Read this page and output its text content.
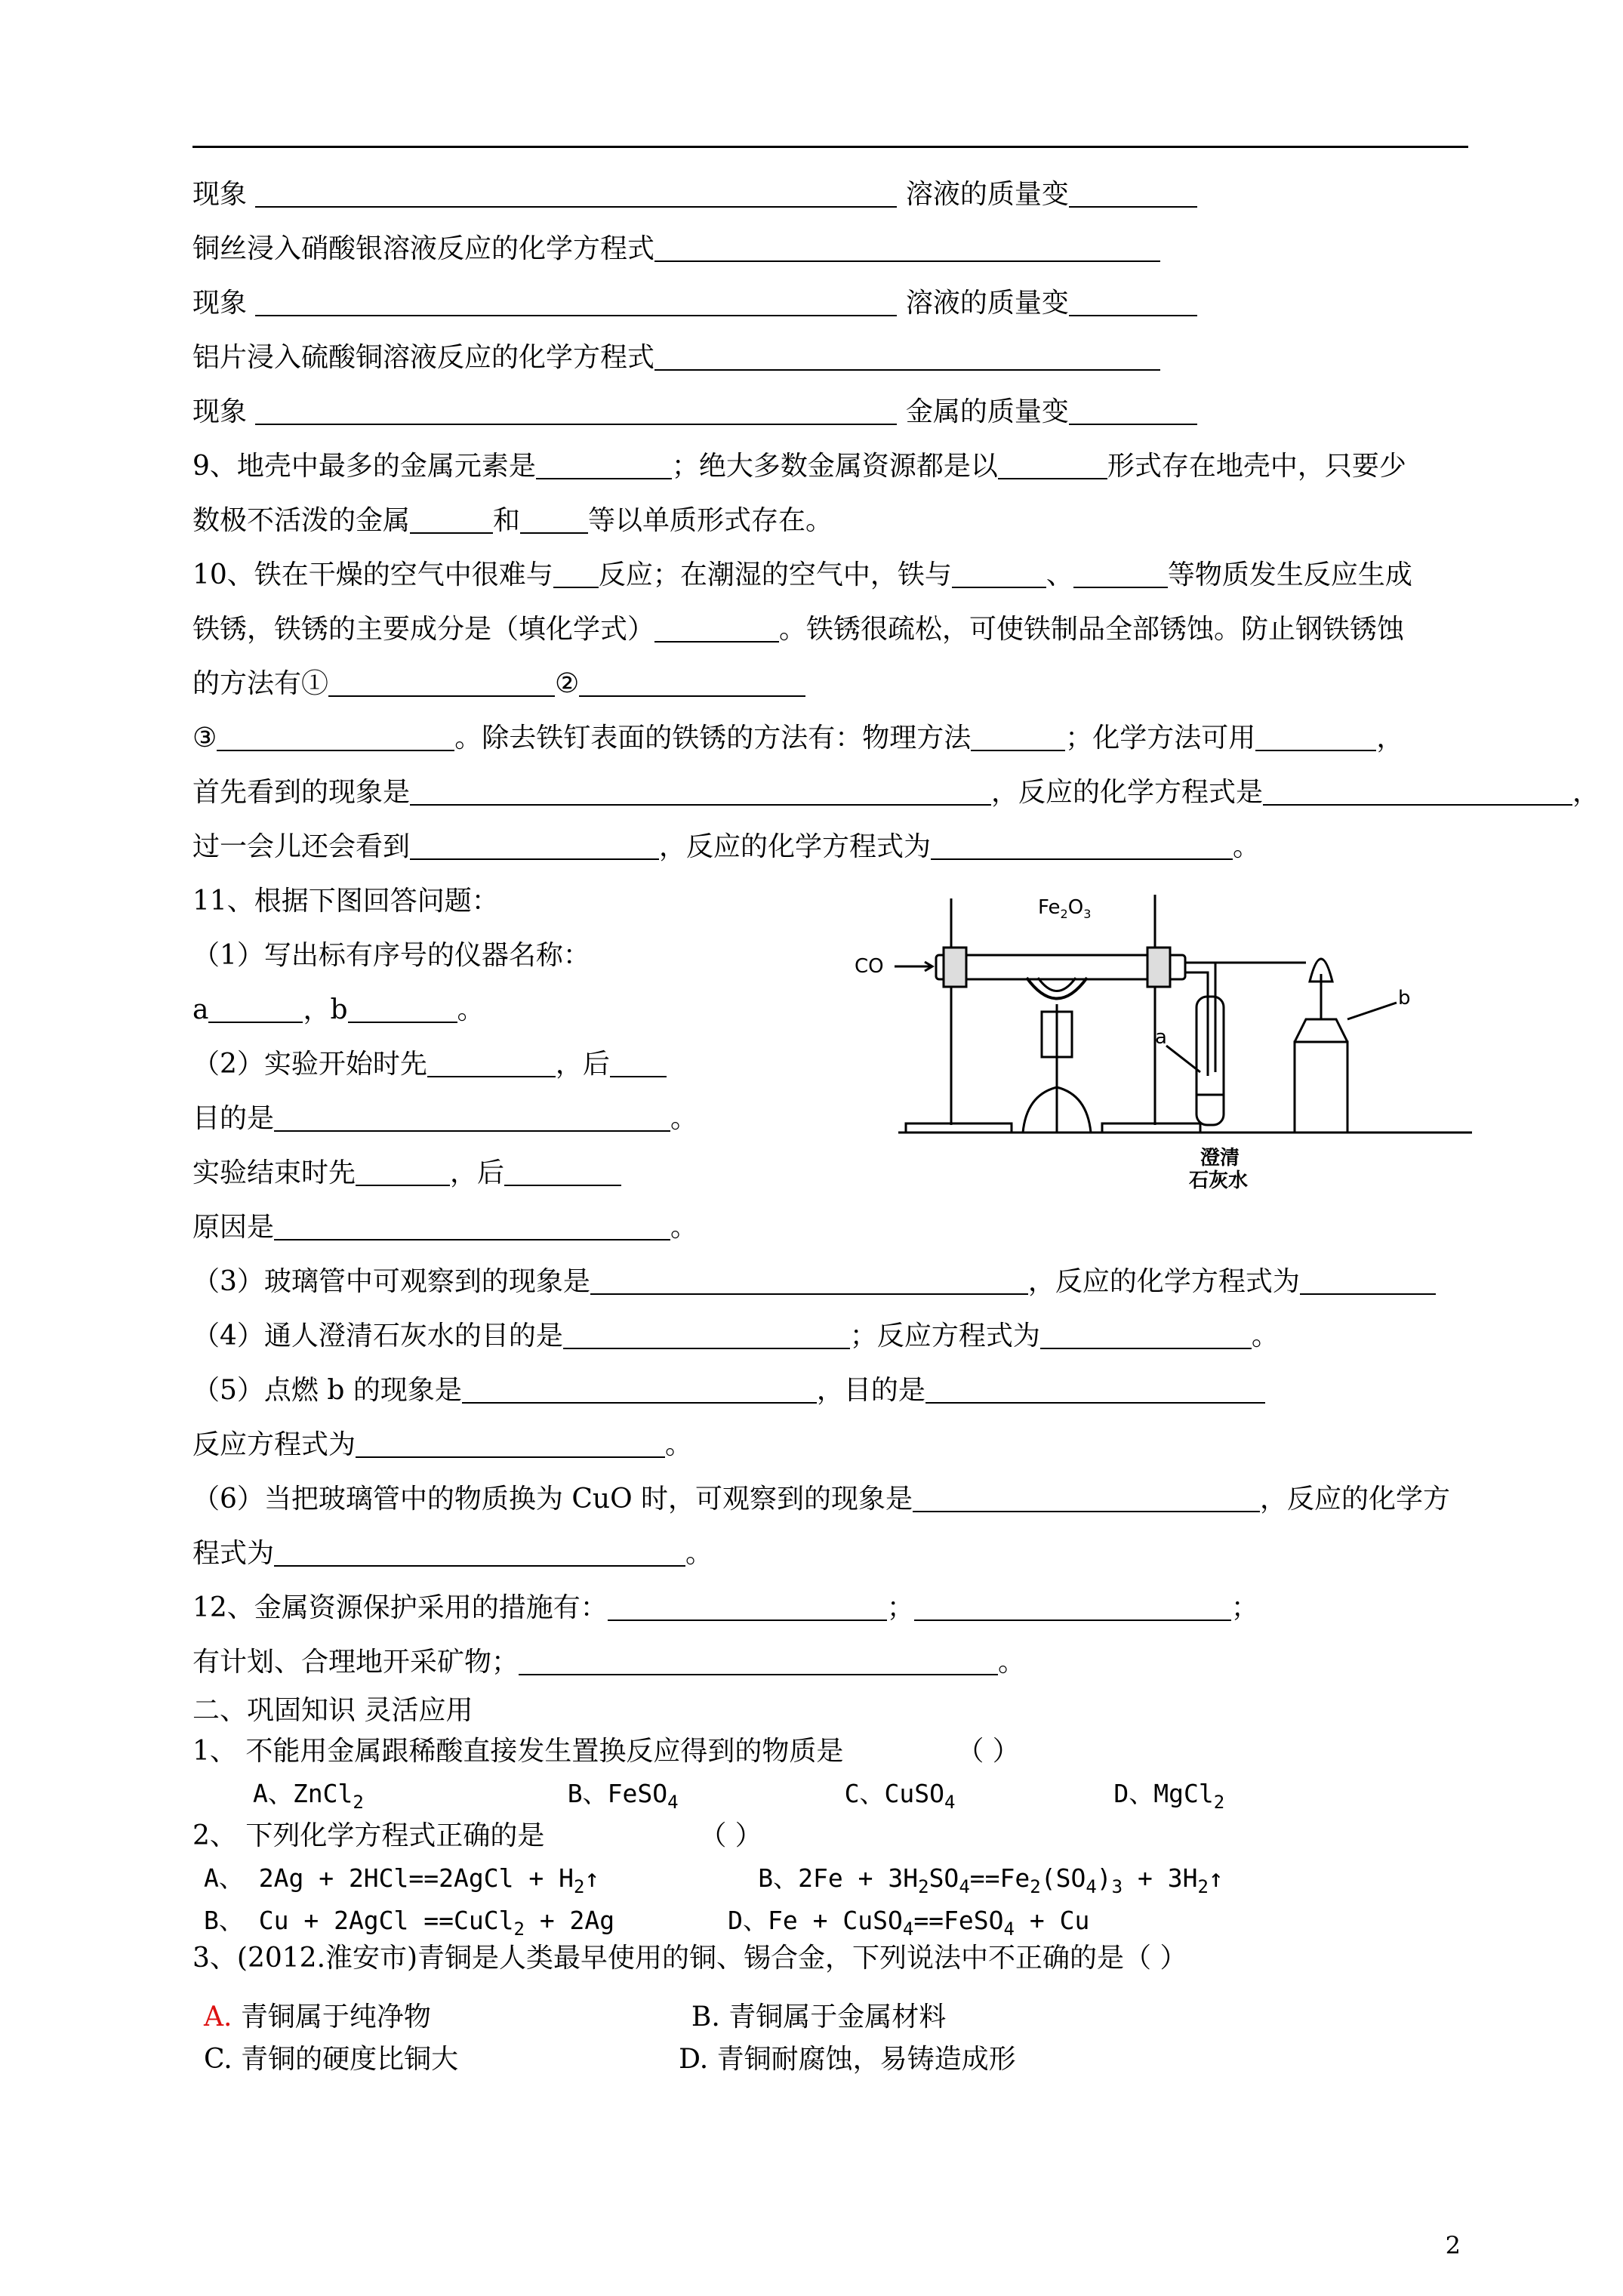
现象	溶液的质量变
铜丝浸入硝酸银溶液反应的化学方程式
现象	溶液的质量变
铝片浸入硫酸铜溶液反应的化学方程式
现象	金属的质量变
9、地壳中最多的金属元素是	；绝大多数金属资源都是以	形式存在地壳中，只要少
数极不活泼的金属	和	等以单质形式存在。
10、铁在干燥的空气中很难与 反应；在潮湿的空气中，铁与	、	等物质发生反应生成
铁锈，铁锈的主要成分是（填化学式）	。铁锈很疏松，可使铁制品全部锈蚀。防止钢铁锈蚀
的方法有①	②
③	。除去铁钉表面的铁锈的方法有：物理方法	；化学方法可用	，
首先看到的现象是	，反应的化学方程式是	，
过一会儿还会看到	，反应的化学方程式为	。
11、根据下图回答问题：
（1）写出标有序号的仪器名称：
a	，b	。
（2）实验开始时先	，后
目的是	。
实验结束时先	，后
原因是	。
（3）玻璃管中可观察到的现象是	，反应的化学方程式为
（4）通人澄清石灰水的目的是	；反应方程式为	。
（5）点燃 b 的现象是	，目的是
反应方程式为	。
（6）当把玻璃管中的物质换为 CuO 时，可观察到的现象是	，反应的化学方
程式为	。
12、金属资源保护采用的措施有：	；	；
有计划、合理地开采矿物；	。
二、巩固知识 灵活应用
1、 不能用金属跟稀酸直接发生置换反应得到的物质是	（ ）
A、ZnCl$_2$	B、FeSO$_4$	C、CuSO$_4$	D、MgCl$_2$
2、 下列化学方程式正确的是	（ ）
A、 2Ag + 2HCl==2AgCl + $H_2↑$	B、$2Fe + 3H_2SO_4==Fe_2(SO_4)_3$ + $3H_2↑$
B、 Cu + 2AgCl ==CuCl$_2$ + 2Ag	D、Fe + CuSO$_4$==FeSO$_4$ + Cu
3、(2012.淮安市)青铜是人类最早使用的铜、锡合金，下列说法中不正确的是（ ）
A. 青铜属于纯净物	B. 青铜属于金属材料
C. 青铜的硬度比铜大	D. 青铜耐腐蚀，易铸造成形
CO
$Fe_2O_3$
a
b
澄清
石灰水
2
